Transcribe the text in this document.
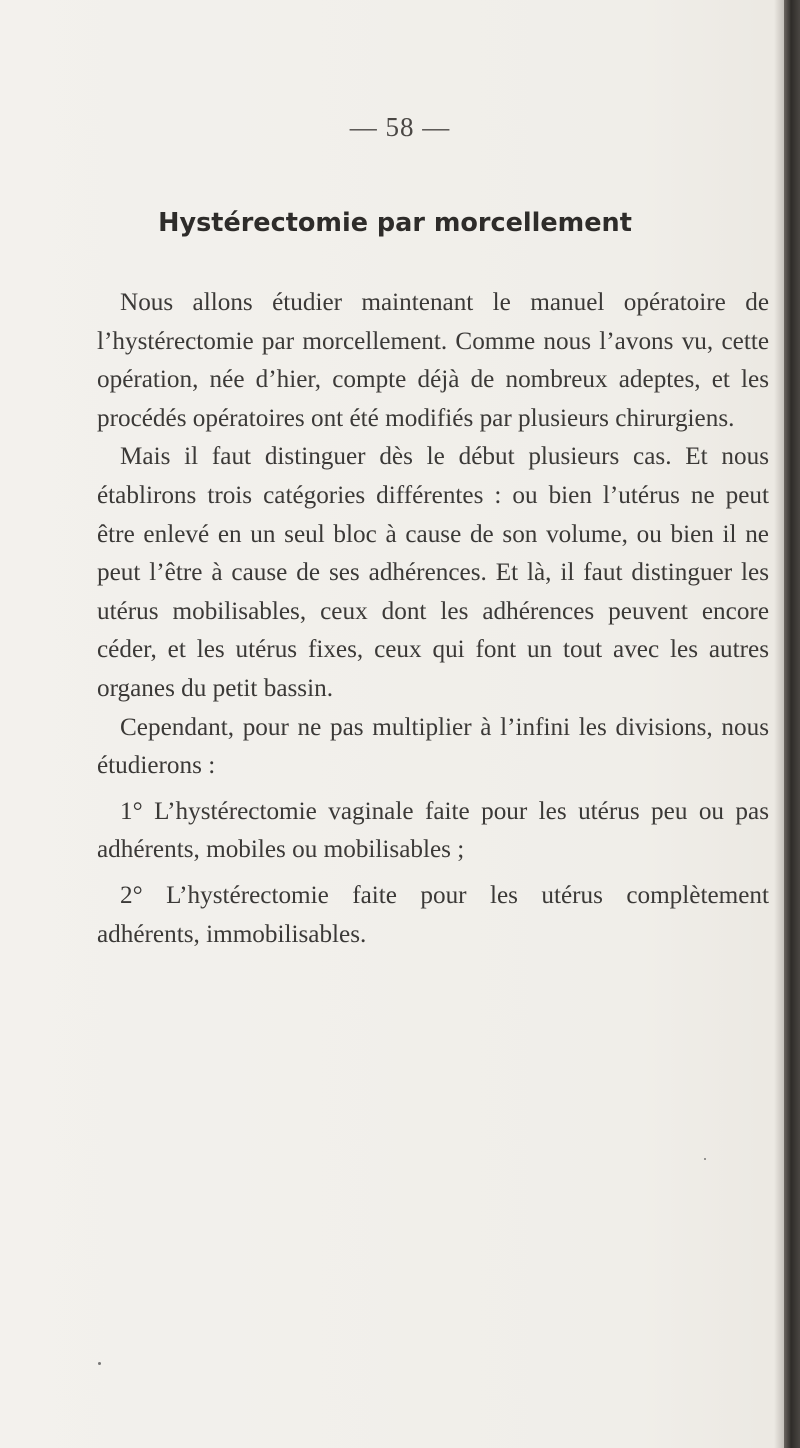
— 58 —
Hystérectomie par morcellement

Nous allons étudier maintenant le manuel opératoire de l’hystérectomie par morcellement. Comme nous l’avons vu, cette opération, née d’hier, compte déjà de nombreux adeptes, et les procédés opératoires ont été modifiés par plusieurs chirurgiens.

Mais il faut distinguer dès le début plusieurs cas. Et nous établirons trois catégories différentes : ou bien l’utérus ne peut être enlevé en un seul bloc à cause de son volume, ou bien il ne peut l’être à cause de ses adhérences. Et là, il faut distinguer les utérus mobilisables, ceux dont les adhérences peuvent encore céder, et les utérus fixes, ceux qui font un tout avec les autres organes du petit bassin.

Cependant, pour ne pas multiplier à l’infini les divisions, nous étudierons :

1° L’hystérectomie vaginale faite pour les utérus peu ou pas adhérents, mobiles ou mobilisables ;

2° L’hystérectomie faite pour les utérus complètement adhérents, immobilisables.
